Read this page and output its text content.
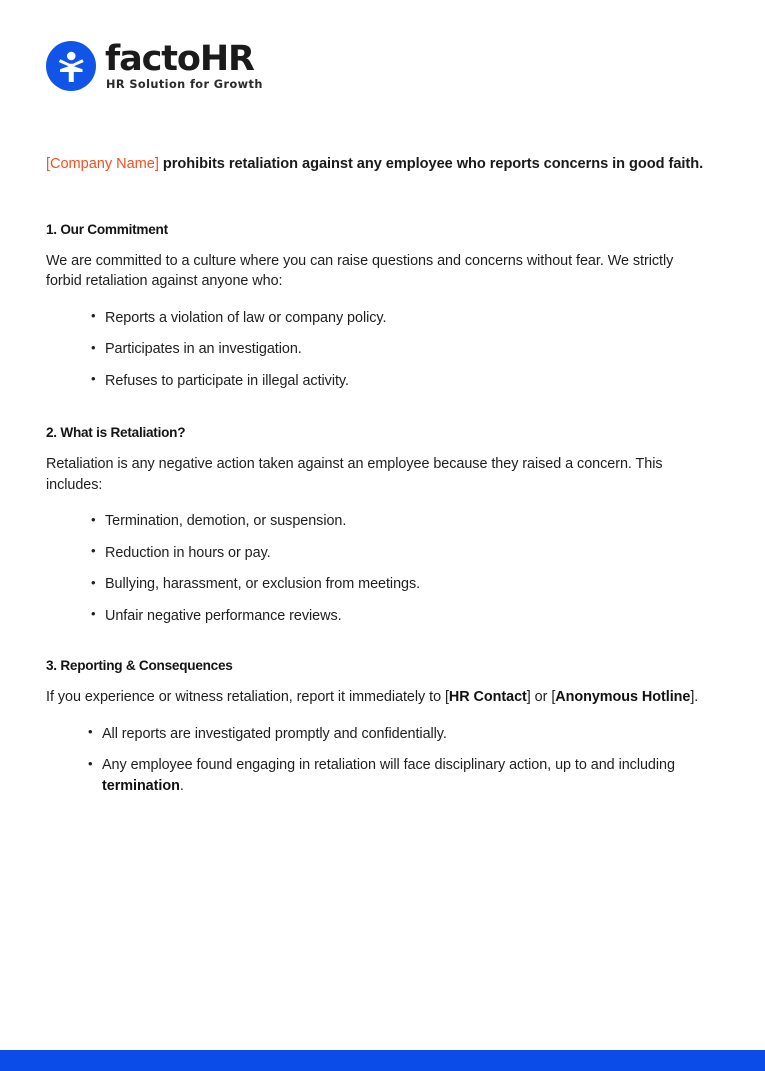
factoHR
HR Solution for Growth

[Company Name] prohibits retaliation against any employee who reports concerns in good faith.

1. Our Commitment

We are committed to a culture where you can raise questions and concerns without fear. We strictly forbid retaliation against anyone who:

• Reports a violation of law or company policy.
• Participates in an investigation.
• Refuses to participate in illegal activity.
2. What is Retaliation?

Retaliation is any negative action taken against an employee because they raised a concern. This includes:

• Termination, demotion, or suspension.
• Reduction in hours or pay.
• Bullying, harassment, or exclusion from meetings.
• Unfair negative performance reviews.
3. Reporting & Consequences

If you experience or witness retaliation, report it immediately to [HR Contact] or [Anonymous Hotline].

• All reports are investigated promptly and confidentially.
• Any employee found engaging in retaliation will face disciplinary action, up to and including termination.
